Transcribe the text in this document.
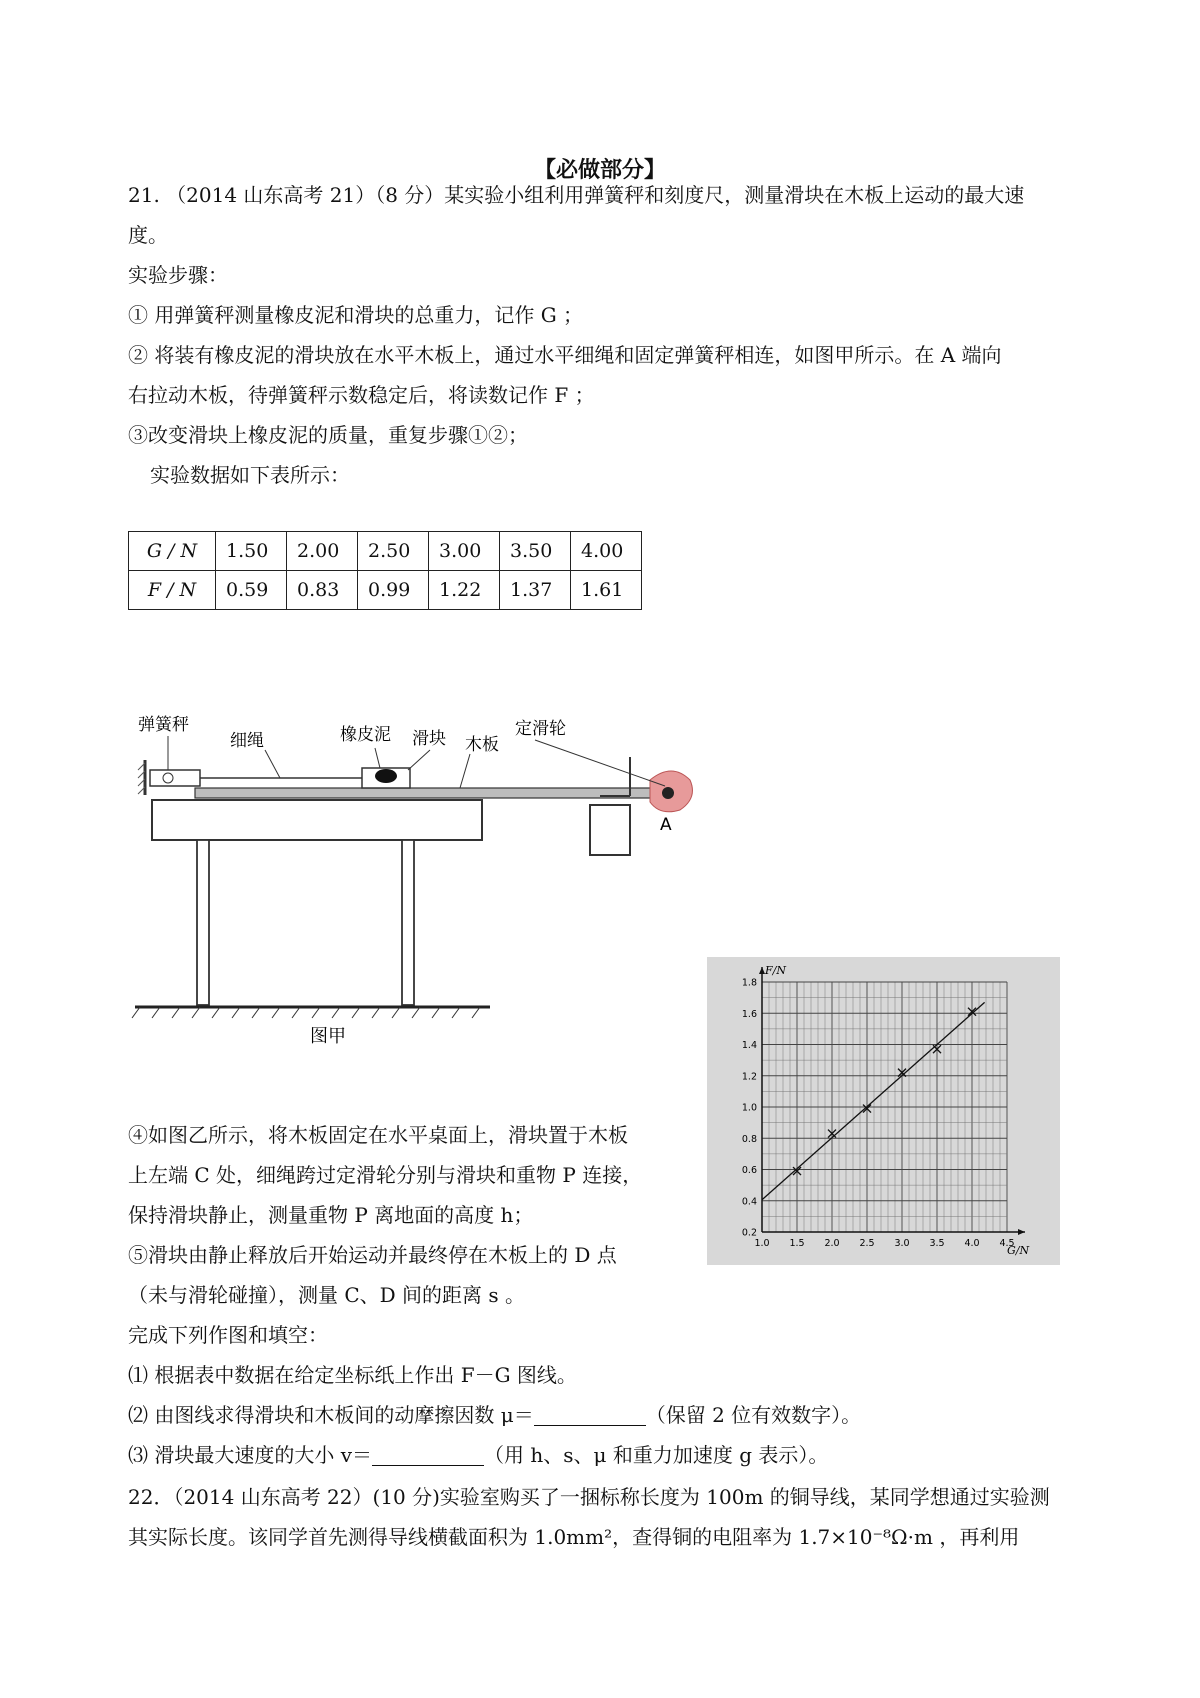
【必做部分】
21. （2014 山东高考 21）（8 分）某实验小组利用弹簧秤和刻度尺，测量滑块在木板上运动的最大速
度。
实验步骤：
① 用弹簧秤测量橡皮泥和滑块的总重力，记作 G ；
② 将装有橡皮泥的滑块放在水平木板上，通过水平细绳和固定弹簧秤相连，如图甲所示。在 A 端向
右拉动木板，待弹簧秤示数稳定后，将读数记作 F ；
③改变滑块上橡皮泥的质量，重复步骤①②；
实验数据如下表所示：
G / N	1.50	2.00	2.50	3.00	3.50	4.00
F / N	0.59	0.83	0.99	1.22	1.37	1.61
弹簧秤
细绳	橡皮泥 滑块 木板
定滑轮
A
图甲
1.0 1.5 2.0 2.5 3.0 3.5 4.0 4.5
0.2
0.4
0.6
0.8
1.0
1.2
1.4
1.6
1.8
G/N
F/N
④如图乙所示，将木板固定在水平桌面上，滑块置于木板
上左端 C 处，细绳跨过定滑轮分别与滑块和重物 P 连接，
保持滑块静止，测量重物 P 离地面的高度 h；
⑤滑块由静止释放后开始运动并最终停在木板上的 D 点
（未与滑轮碰撞），测量 C、D 间的距离 s 。
完成下列作图和填空：
⑴ 根据表中数据在给定坐标纸上作出 F－G 图线。
⑵ 由图线求得滑块和木板间的动摩擦因数 μ＝	（保留 2 位有效数字）。
⑶ 滑块最大速度的大小 v＝	（用 h、s、μ 和重力加速度 g 表示）。
22．（2014 山东高考 22）(10 分)实验室购买了一捆标称长度为 100m 的铜导线，某同学想通过实验测
其实际长度。该同学首先测得导线横截面积为 1.0mm²，查得铜的电阻率为 1.7×10⁻⁸Ω·m ，再利用
